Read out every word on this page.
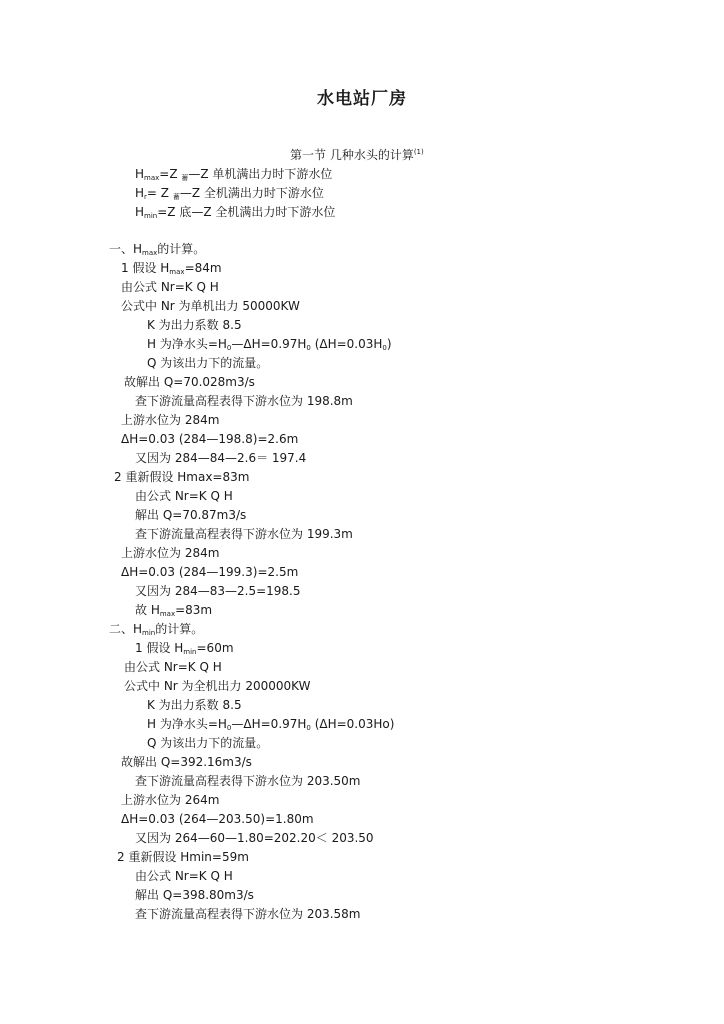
水电站厂房
第一节 几种水头的计算$^{(1)}$
Hmax=Z 蓄—Z 单机满出力时下游水位
Hr= Z 蓄—Z 全机满出力时下游水位
Hmin=Z 底—Z 全机满出力时下游水位
一、Hmax的计算。
1 假设 Hmax=84m
由公式 Nr=K Q H
公式中 Nr 为单机出力 50000KW
K 为出力系数 8.5
H 为净水头=H0—ΔH=0.97H0 (ΔH=0.03H0)
Q 为该出力下的流量。
故解出 Q=70.028m3/s
查下游流量高程表得下游水位为 198.8m
上游水位为 284m
ΔH=0.03 (284—198.8)=2.6m
又因为 284—84—2.6＝ 197.4
2 重新假设 Hmax=83m
由公式 Nr=K Q H
解出 Q=70.87m3/s
查下游流量高程表得下游水位为 199.3m
上游水位为 284m
ΔH=0.03 (284—199.3)=2.5m
又因为 284—83—2.5=198.5
故 Hmax=83m
二、Hmin的计算。
1 假设 Hmin=60m
由公式 Nr=K Q H
公式中 Nr 为全机出力 200000KW
K 为出力系数 8.5
H 为净水头=H0—ΔH=0.97H0 (ΔH=0.03Ho)
Q 为该出力下的流量。
故解出 Q=392.16m3/s
查下游流量高程表得下游水位为 203.50m
上游水位为 264m
ΔH=0.03 (264—203.50)=1.80m
又因为 264—60—1.80=202.20＜ 203.50
2 重新假设 Hmin=59m
由公式 Nr=K Q H
解出 Q=398.80m3/s
查下游流量高程表得下游水位为 203.58m
